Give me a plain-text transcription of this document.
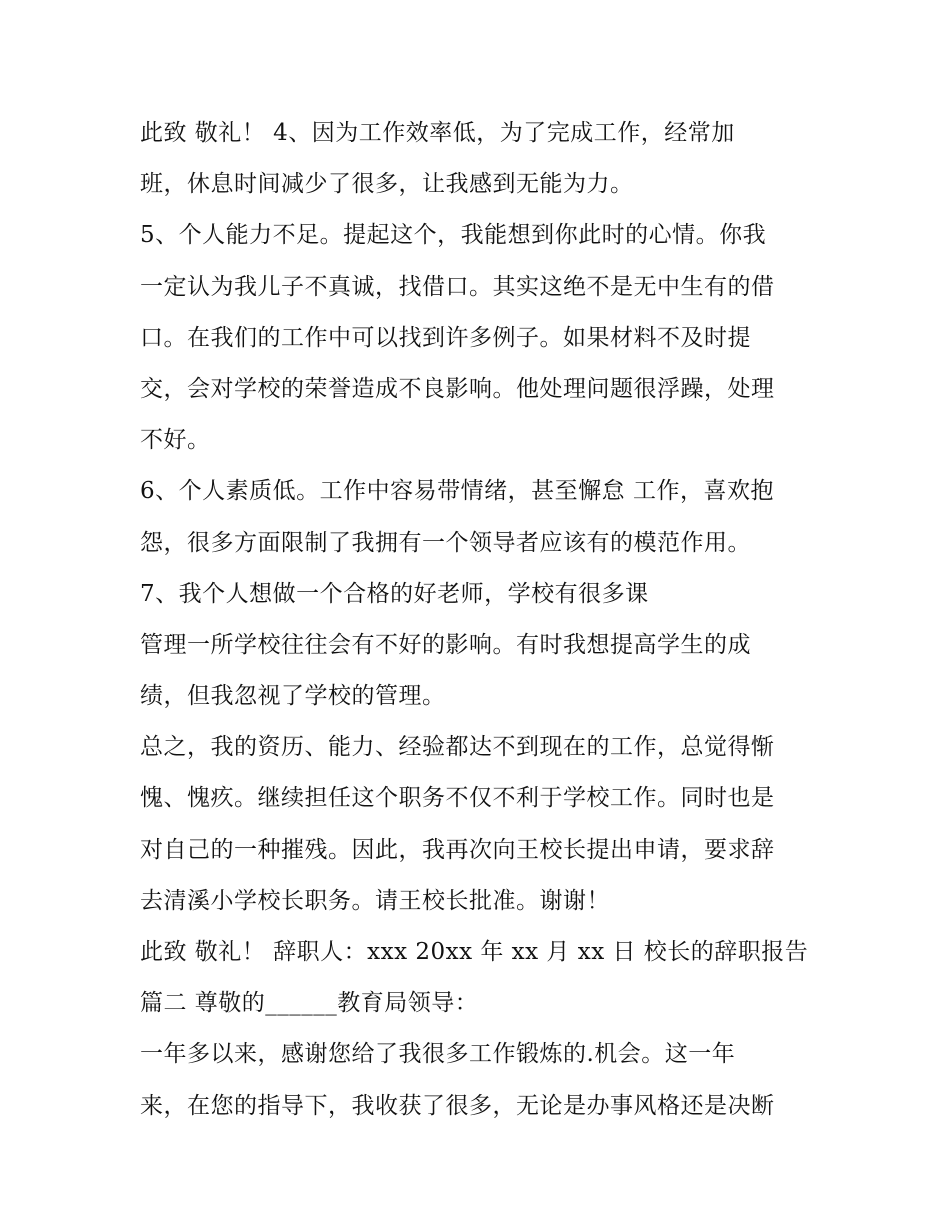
此致 敬礼！ 4、因为工作效率低，为了完成工作，经常加
班，休息时间减少了很多，让我感到无能为力。
5、个人能力不足。提起这个，我能想到你此时的心情。你我
一定认为我儿子不真诚，找借口。其实这绝不是无中生有的借
口。在我们的工作中可以找到许多例子。如果材料不及时提
交，会对学校的荣誉造成不良影响。他处理问题很浮躁，处理
不好。
6、个人素质低。工作中容易带情绪，甚至懈怠 工作，喜欢抱
怨，很多方面限制了我拥有一个领导者应该有的模范作用。
7、我个人想做一个合格的好老师，学校有很多课
管理一所学校往往会有不好的影响。有时我想提高学生的成
绩，但我忽视了学校的管理。
总之，我的资历、能力、经验都达不到现在的工作，总觉得惭
愧、愧疚。继续担任这个职务不仅不利于学校工作。同时也是
对自己的一种摧残。因此，我再次向王校长提出申请，要求辞
去清溪小学校长职务。请王校长批准。谢谢！
此致 敬礼！ 辞职人：xxx 20xx 年 xx 月 xx 日 校长的辞职报告
篇二 尊敬的______教育局领导：
一年多以来，感谢您给了我很多工作锻炼的.机会。这一年
来，在您的指导下，我收获了很多，无论是办事风格还是决断
